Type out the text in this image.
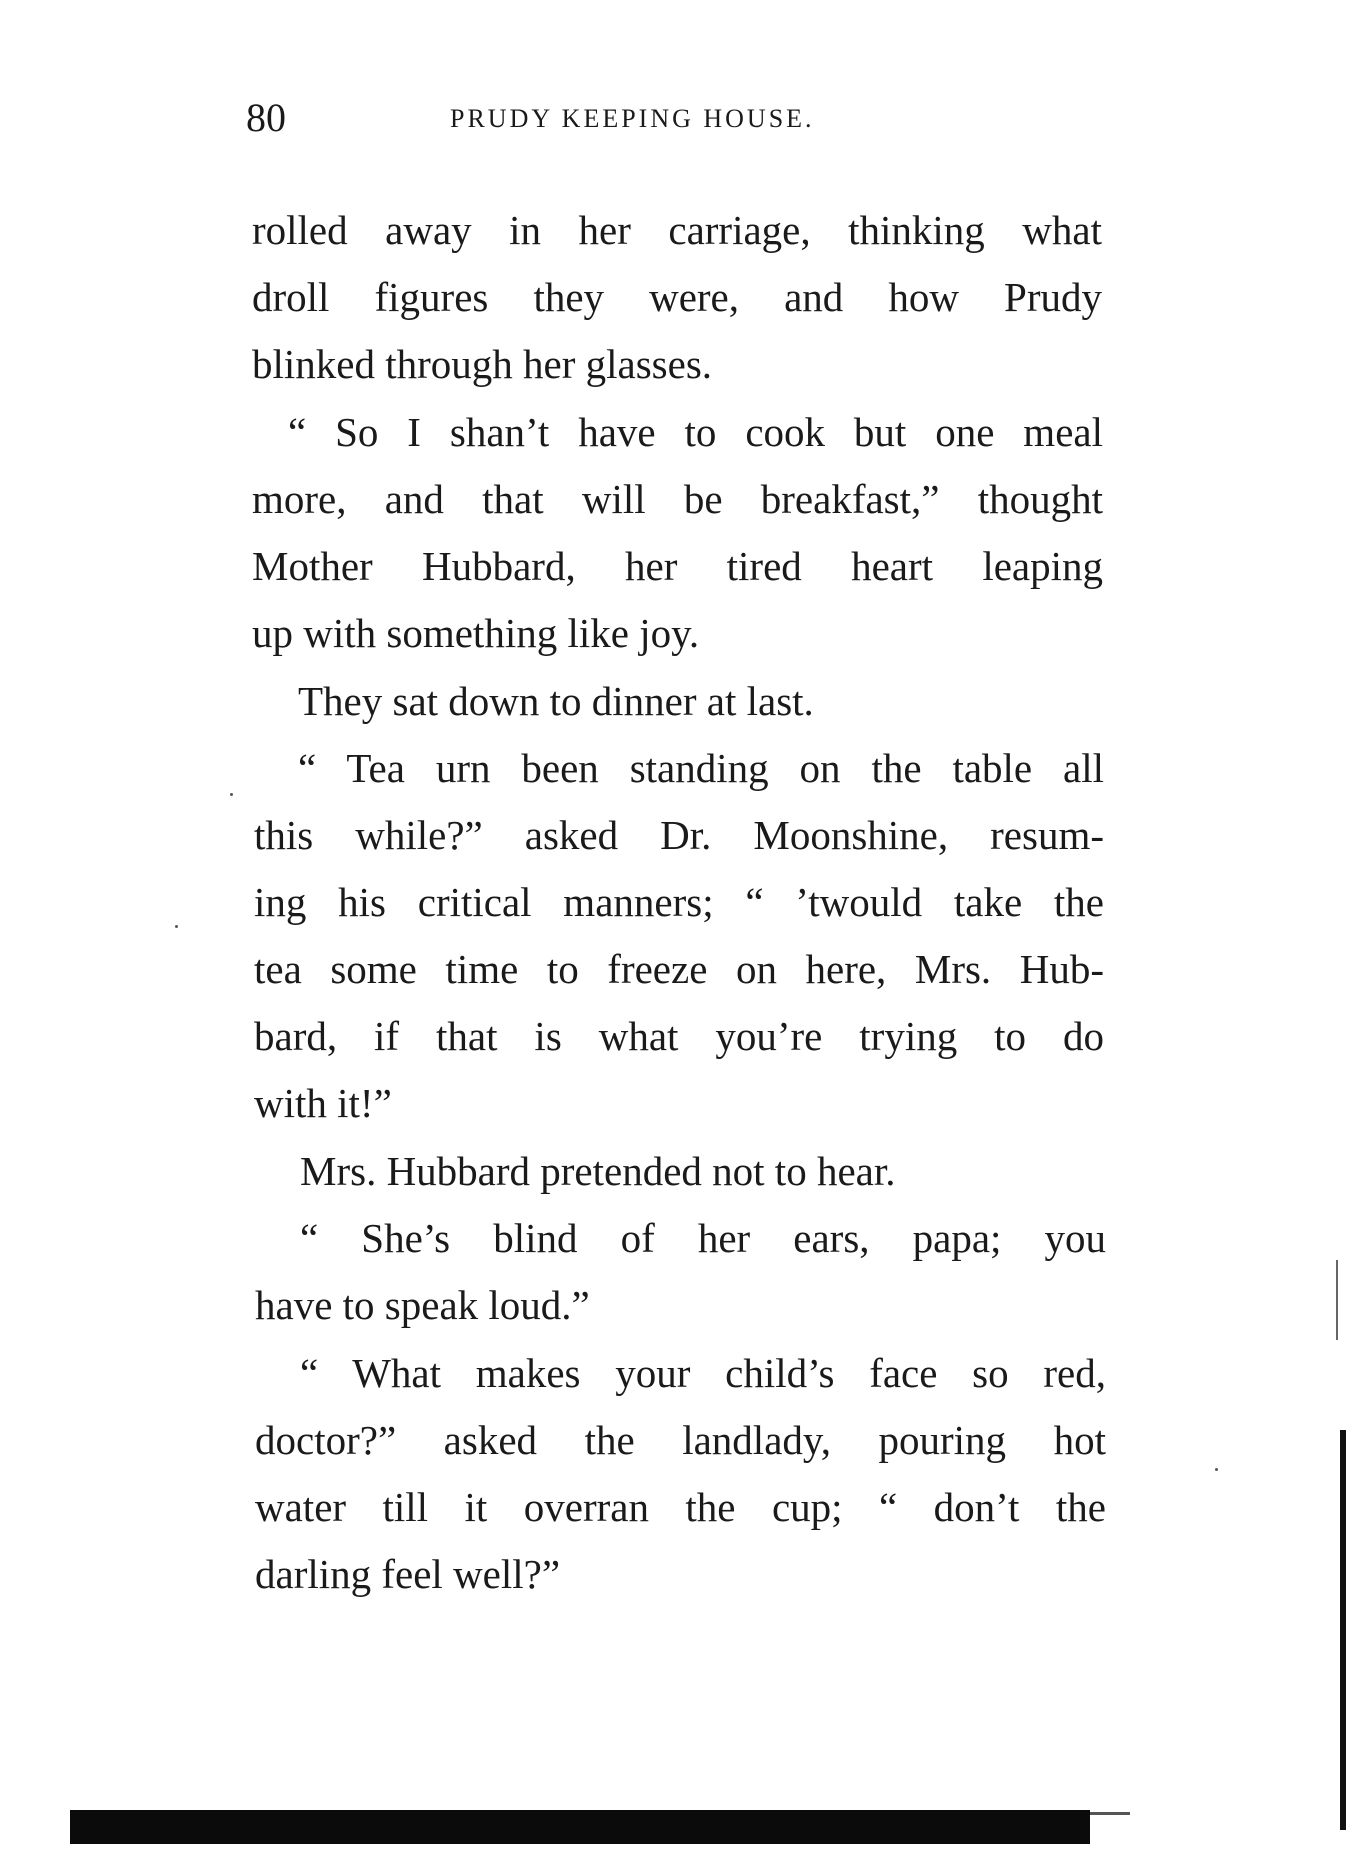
80	PRUDY KEEPING HOUSE.
rolled away in her carriage, thinking what
droll figures they were, and how Prudy
blinked through her glasses.
“ So I shan’t have to cook but one meal
more, and that will be breakfast,” thought
Mother Hubbard, her tired heart leaping
up with something like joy.
They sat down to dinner at last.
“ Tea urn been standing on the table all
this while?” asked Dr. Moonshine, resum-
ing his critical manners; “ ’twould take the
tea some time to freeze on here, Mrs. Hub-
bard, if that is what you’re trying to do
with it!”
Mrs. Hubbard pretended not to hear.
“ She’s blind of her ears, papa; you
have to speak loud.”
“ What makes your child’s face so red,
doctor?” asked the landlady, pouring hot
water till it overran the cup; “ don’t the
darling feel well?”
